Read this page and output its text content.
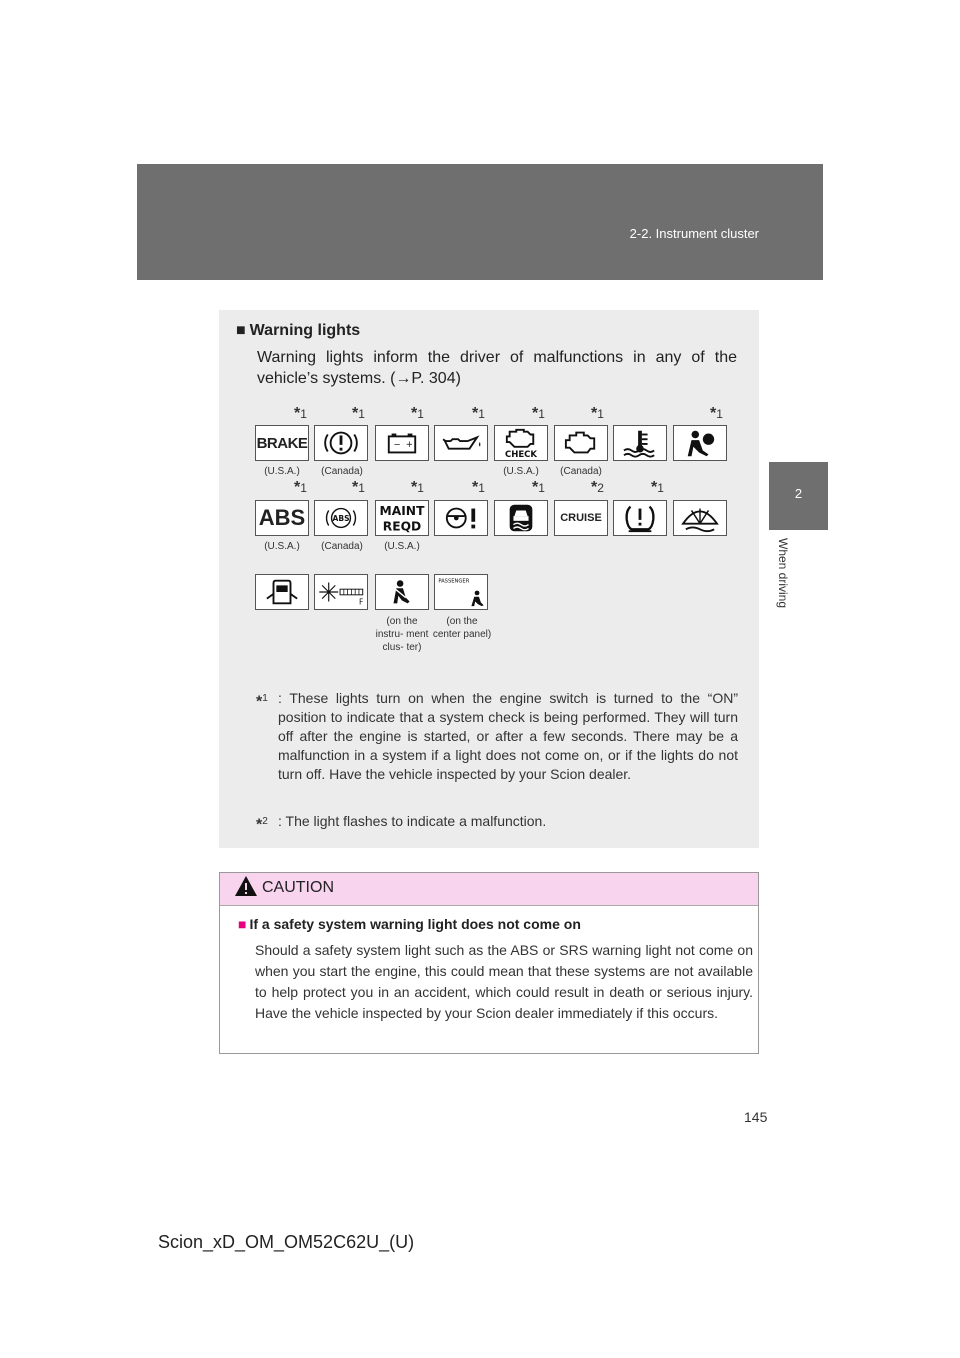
2-2. Instrument cluster
2
When driving
■ Warning lights
Warning lights inform the driver of malfunctions in any of the
vehicle’s systems. (→P. 304)
*1	*1	*1	*1	*1	*1	*1
BRAKE	− +
CHECK
(U.S.A.)	(Canada)	(U.S.A.)	(Canada)
*1	*1	*1	*1	*1	*2	*1
ABS	ABS
MAINT
REQD
CRUISE
(U.S.A.)	(Canada)	(U.S.A.)
F
PASSENGER
(on the instru- ment clus- ter)
(on the center panel)
*$^1$ : These lights turn on when the engine switch is turned to the “ON” position to indicate that a system check is being performed. They will turn off after the engine is started, or after a few seconds. There may be a malfunction in a system if a light does not come on, or if the lights do not turn off. Have the vehicle inspected by your Scion dealer.
*$^2$ : The light flashes to indicate a malfunction.
CAUTION
■ If a safety system warning light does not come on
Should a safety system light such as the ABS or SRS warning light not come on when you start the engine, this could mean that these systems are not available to help protect you in an accident, which could result in death or serious injury. Have the vehicle inspected by your Scion dealer immediately if this occurs.
145
Scion_xD_OM_OM52C62U_(U)
